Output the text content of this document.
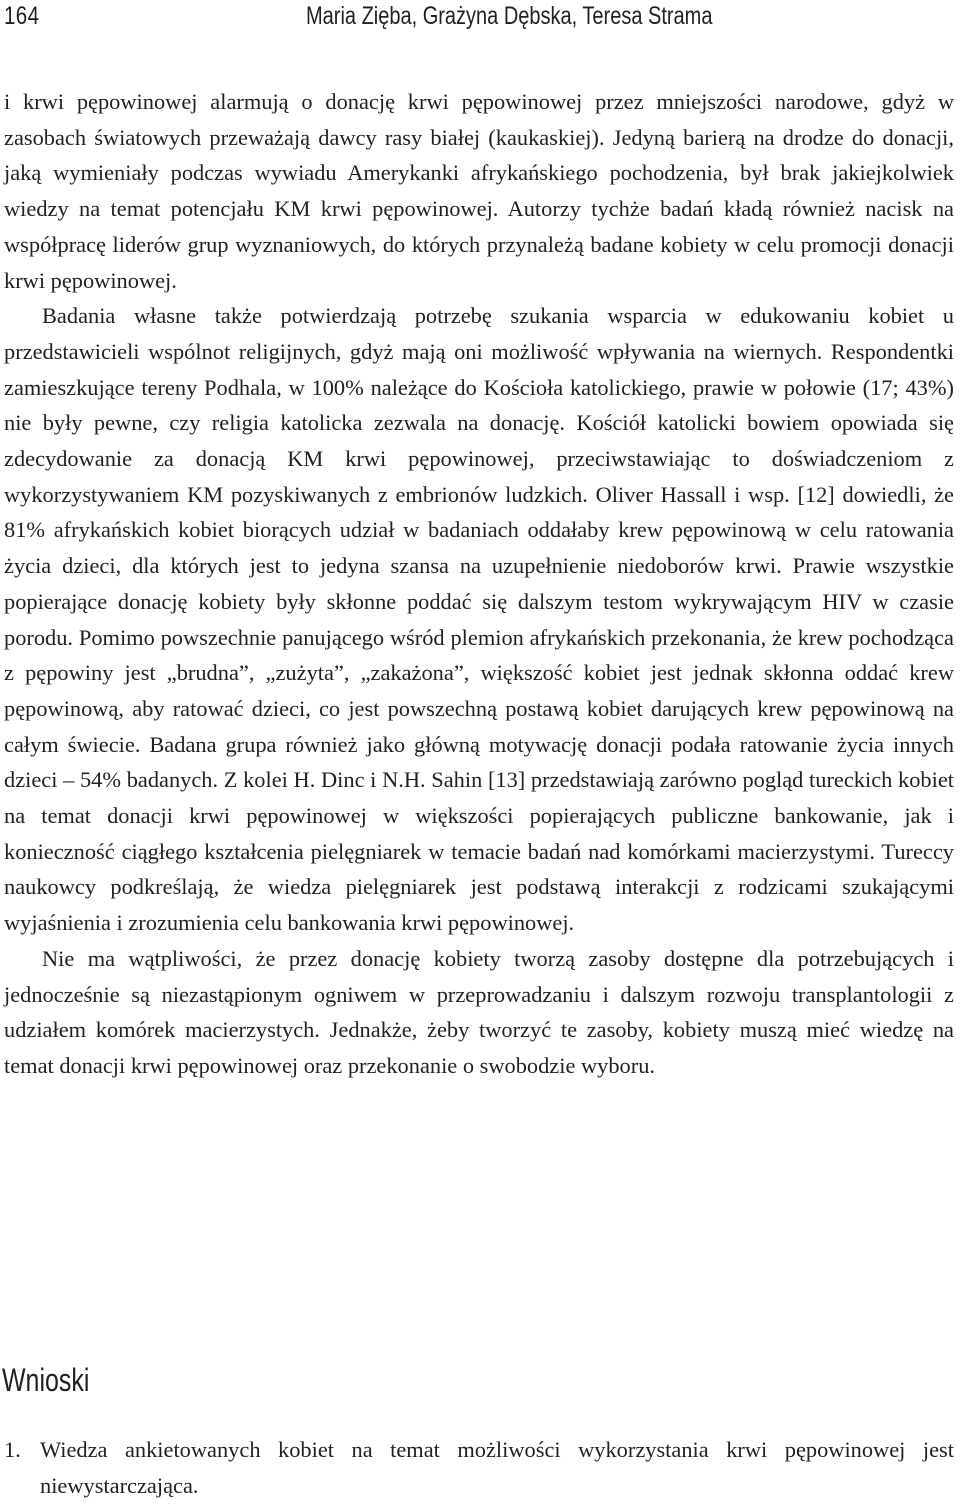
164	Maria Zięba, Grażyna Dębska, Teresa Strama

i krwi pępowinowej alarmują o donację krwi pępowinowej przez mniejszości narodowe, gdyż w zasobach światowych przeważają dawcy rasy białej (kaukaskiej). Jedyną barierą na drodze do donacji, jaką wymieniały podczas wywiadu Amerykanki afrykańskiego pochodzenia, był brak jakiejkolwiek wiedzy na temat potencjału KM krwi pępowinowej. Autorzy tychże badań kładą również nacisk na współpracę liderów grup wyznaniowych, do których przynależą badane kobiety w celu promocji donacji krwi pępowinowej.

Badania własne także potwierdzają potrzebę szukania wsparcia w edukowaniu kobiet u przedstawicieli wspólnot religijnych, gdyż mają oni możliwość wpływania na wiernych. Respondentki zamieszkujące tereny Podhala, w 100% należące do Kościoła katolickiego, prawie w połowie (17; 43%) nie były pewne, czy religia katolicka zezwala na donację. Kościół katolicki bowiem opowiada się zdecydowanie za donacją KM krwi pępowinowej, przeciwstawiając to doświadczeniom z wykorzystywaniem KM pozyskiwanych z embrionów ludzkich. Oliver Hassall i wsp. [12] dowiedli, że 81% afrykańskich kobiet biorących udział w badaniach oddałaby krew pępowinową w celu ratowania życia dzieci, dla których jest to jedyna szansa na uzupełnienie niedoborów krwi. Prawie wszystkie popierające donację kobiety były skłonne poddać się dalszym testom wykrywającym HIV w czasie porodu. Pomimo powszechnie panującego wśród plemion afrykańskich przekonania, że krew pochodząca z pępowiny jest „brudna”, „zużyta”, „zakażona”, większość kobiet jest jednak skłonna oddać krew pępowinową, aby ratować dzieci, co jest powszechną postawą kobiet darujących krew pępowinową na całym świecie. Badana grupa również jako główną motywację donacji podała ratowanie życia innych dzieci – 54% badanych. Z kolei H. Dinc i N.H. Sahin [13] przedstawiają zarówno pogląd tureckich kobiet na temat donacji krwi pępowinowej w większości popierających publiczne bankowanie, jak i konieczność ciągłego kształcenia pielęgniarek w temacie badań nad komórkami macierzystymi. Tureccy naukowcy podkreślają, że wiedza pielęgniarek jest podstawą interakcji z rodzicami szukającymi wyjaśnienia i zrozumienia celu bankowania krwi pępowinowej.

Nie ma wątpliwości, że przez donację kobiety tworzą zasoby dostępne dla potrzebujących i jednocześnie są niezastąpionym ogniwem w przeprowadzaniu i dalszym rozwoju transplantologii z udziałem komórek macierzystych. Jednakże, żeby tworzyć te zasoby, kobiety muszą mieć wiedzę na temat donacji krwi pępowinowej oraz przekonanie o swobodzie wyboru.

Wnioski
1. Wiedza ankietowanych kobiet na temat możliwości wykorzystania krwi pępowinowej jest niewystarczająca.
